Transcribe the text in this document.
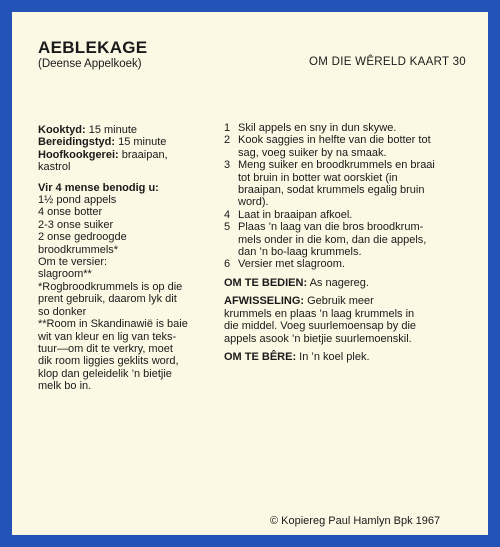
AEBLEKAGE
(Deense Appelkoek)	OM DIE WÊRELD KAART 30
Kooktyd: 15 minute
Bereidingstyd: 15 minute
Hoofkookgerei: braaipan,
kastrol
Vir 4 mense benodig u:
1½ pond appels
4 onse botter
2-3 onse suiker
2 onse gedroogde
broodkrummels*
Om te versier:
slagroom**
*Rogbroodkrummels is op die
prent gebruik, daarom lyk dit
so donker
**Room in Skandinawië is baie
wit van kleur en lig van teks-
tuur—om dit te verkry, moet
dik room liggies geklits word,
klop dan geleidelik ’n bietjie
melk bo in.
1 Skil appels en sny in dun skywe.
2 Kook saggies in helfte van die botter tot
sag, voeg suiker by na smaak.
3 Meng suiker en broodkrummels en braai
tot bruin in botter wat oorskiet (in
braaipan, sodat krummels egalig bruin
word).
4 Laat in braaipan afkoel.
5 Plaas ’n laag van die bros broodkrum-
mels onder in die kom, dan die appels,
dan ’n bo-laag krummels.
6 Versier met slagroom.
OM TE BEDIEN: As nagereg.
AFWISSELING: Gebruik meer
krummels en plaas ’n laag krummels in
die middel. Voeg suurlemoensap by die
appels asook ’n bietjie suurlemoenskil.
OM TE BÊRE: In ’n koel plek.
© Kopiereg Paul Hamlyn Bpk 1967
